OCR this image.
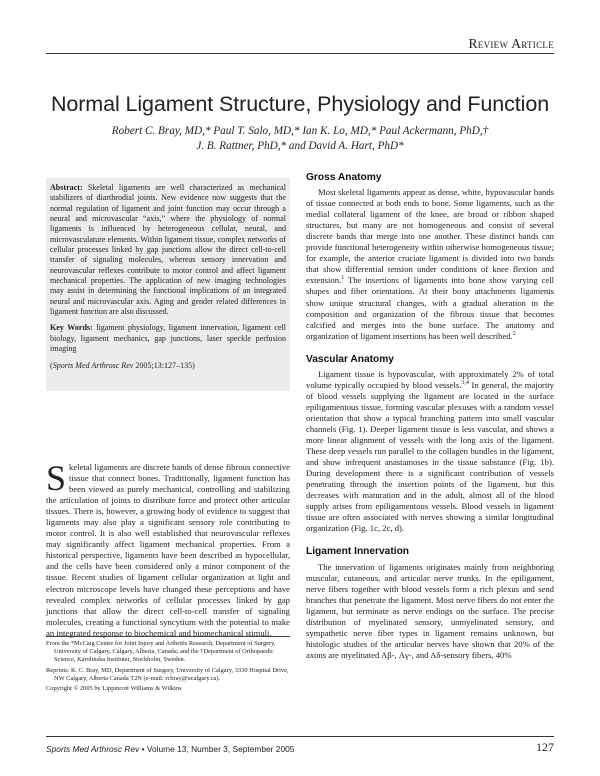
Review Article
Normal Ligament Structure, Physiology and Function
Robert C. Bray, MD,* Paul T. Salo, MD,* Ian K. Lo, MD,* Paul Ackermann, PhD,†
J. B. Rattner, PhD,* and David A. Hart, PhD*

Abstract: Skeletal ligaments are well characterized as mechanical stabilizers of diarthrodial joints. New evidence now suggests that the normal regulation of ligament and joint function may occur through a neural and microvascular “axis,” where the physiology of normal ligaments is influenced by heterogeneous cellular, neural, and microvasculature elements. Within ligament tissue, complex networks of cellular processes linked by gap junctions allow the direct cell-to-cell transfer of signaling molecules, whereas sensory innervation and neurovascular reflexes contribute to motor control and affect ligament mechanical properties. The application of new imaging technologies may assist in determining the functional implications of an integrated neural and microvascular axis. Aging and gender related differences in ligament function are also discussed.

Key Words: ligament physiology, ligament innervation, ligament cell biology, ligament mechanics, gap junctions, laser speckle perfusion imaging

(Sports Med Arthrosc Rev 2005;13:127–135)

Skeletal ligaments are discrete bands of dense fibrous connective tissue that connect bones. Traditionally, ligament function has been viewed as purely mechanical, controlling and stabilizing the articulation of joints to distribute force and protect other articular tissues. There is, however, a growing body of evidence to suggest that ligaments may also play a significant sensory role contributing to motor control. It is also well established that neurovascular reflexes may significantly affect ligament mechanical properties. From a historical perspective, ligaments have been described as hypocellular, and the cells have been considered only a minor component of the tissue. Recent studies of ligament cellular organization at light and electron microscope levels have changed these perceptions and have revealed complex networks of cellular processes linked by gap junctions that allow the direct cell-to-cell transfer of signaling molecules, creating a functional syncytium with the potential to make an integrated response to biochemical and biomechanical stimuli.

From the *McCaig Centre for Joint Injury and Arthritis Research, Department of Surgery, University of Calgary, Calgary, Alberta, Canada; and the †Department of Orthopaedic Science, Karolinska Institutet, Stockholm, Sweden.

Reprints: R. C. Bray, MD, Department of Surgery, University of Calgary, 3330 Hospital Drive, NW Calgary, Alberta Canada T2N (e-mail: rcbray@ucalgary.ca).

Copyright © 2005 by Lippincott Williams & Wilkins

Gross Anatomy

Most skeletal ligaments appear as dense, white, hypovascular bands of tissue connected at both ends to bone. Some ligaments, such as the medial collateral ligament of the knee, are broad or ribbon shaped structures, but many are not homogeneous and consist of several discrete bands that merge into one another. These distinct bands can provide functional heterogeneity within otherwise homogeneous tissue; for example, the anterior cruciate ligament is divided into two bands that show differential tension under conditions of knee flexion and extension.$^1$ The insertions of ligaments into bone show varying cell shapes and fiber orientations. At their bony attachments ligaments show unique structural changes, with a gradual alteration in the composition and organization of the fibrous tissue that becomes calcified and merges into the bone surface. The anatomy and organization of ligament insertions has been well described.$^2$

Vascular Anatomy

Ligament tissue is hypovascular, with approximately 2% of total volume typically occupied by blood vessels.$^{3,4}$ In general, the majority of blood vessels supplying the ligament are located in the surface epiligamentous tissue, forming vascular plexuses with a random vessel orientation that show a typical branching pattern into small vascular channels (Fig. 1). Deeper ligament tissue is less vascular, and shows a more linear alignment of vessels with the long axis of the ligament. These deep vessels run parallel to the collagen bundles in the ligament, and show infrequent anastamoses in the tissue substance (Fig. 1b). During development there is a significant contribution of vessels penetrating through the insertion points of the ligament, but this decreases with maturation and in the adult, almost all of the blood supply arises from epiligamentous vessels. Blood vessels in ligament tissue are often associated with nerves showing a similar longitudinal organization (Fig. 1c, 2c, d).

Ligament Innervation

The innervation of ligaments originates mainly from neighboring muscular, cutaneous, and articular nerve trunks. In the epiligament, nerve fibers together with blood vessels form a rich plexus and send branches that penetrate the ligament. Most nerve fibers do not enter the ligament, but terminate as nerve endings on the surface. The precise distribution of myelinated sensory, unmyelinated sensory, and sympathetic nerve fiber types in ligament remains unknown, but histologic studies of the articular nerves have shown that 20% of the axons are myelinated Aβ-, Aγ-, and Aδ-sensory fibers, 40%

Sports Med Arthrosc Rev • Volume 13, Number 3, September 2005	127
